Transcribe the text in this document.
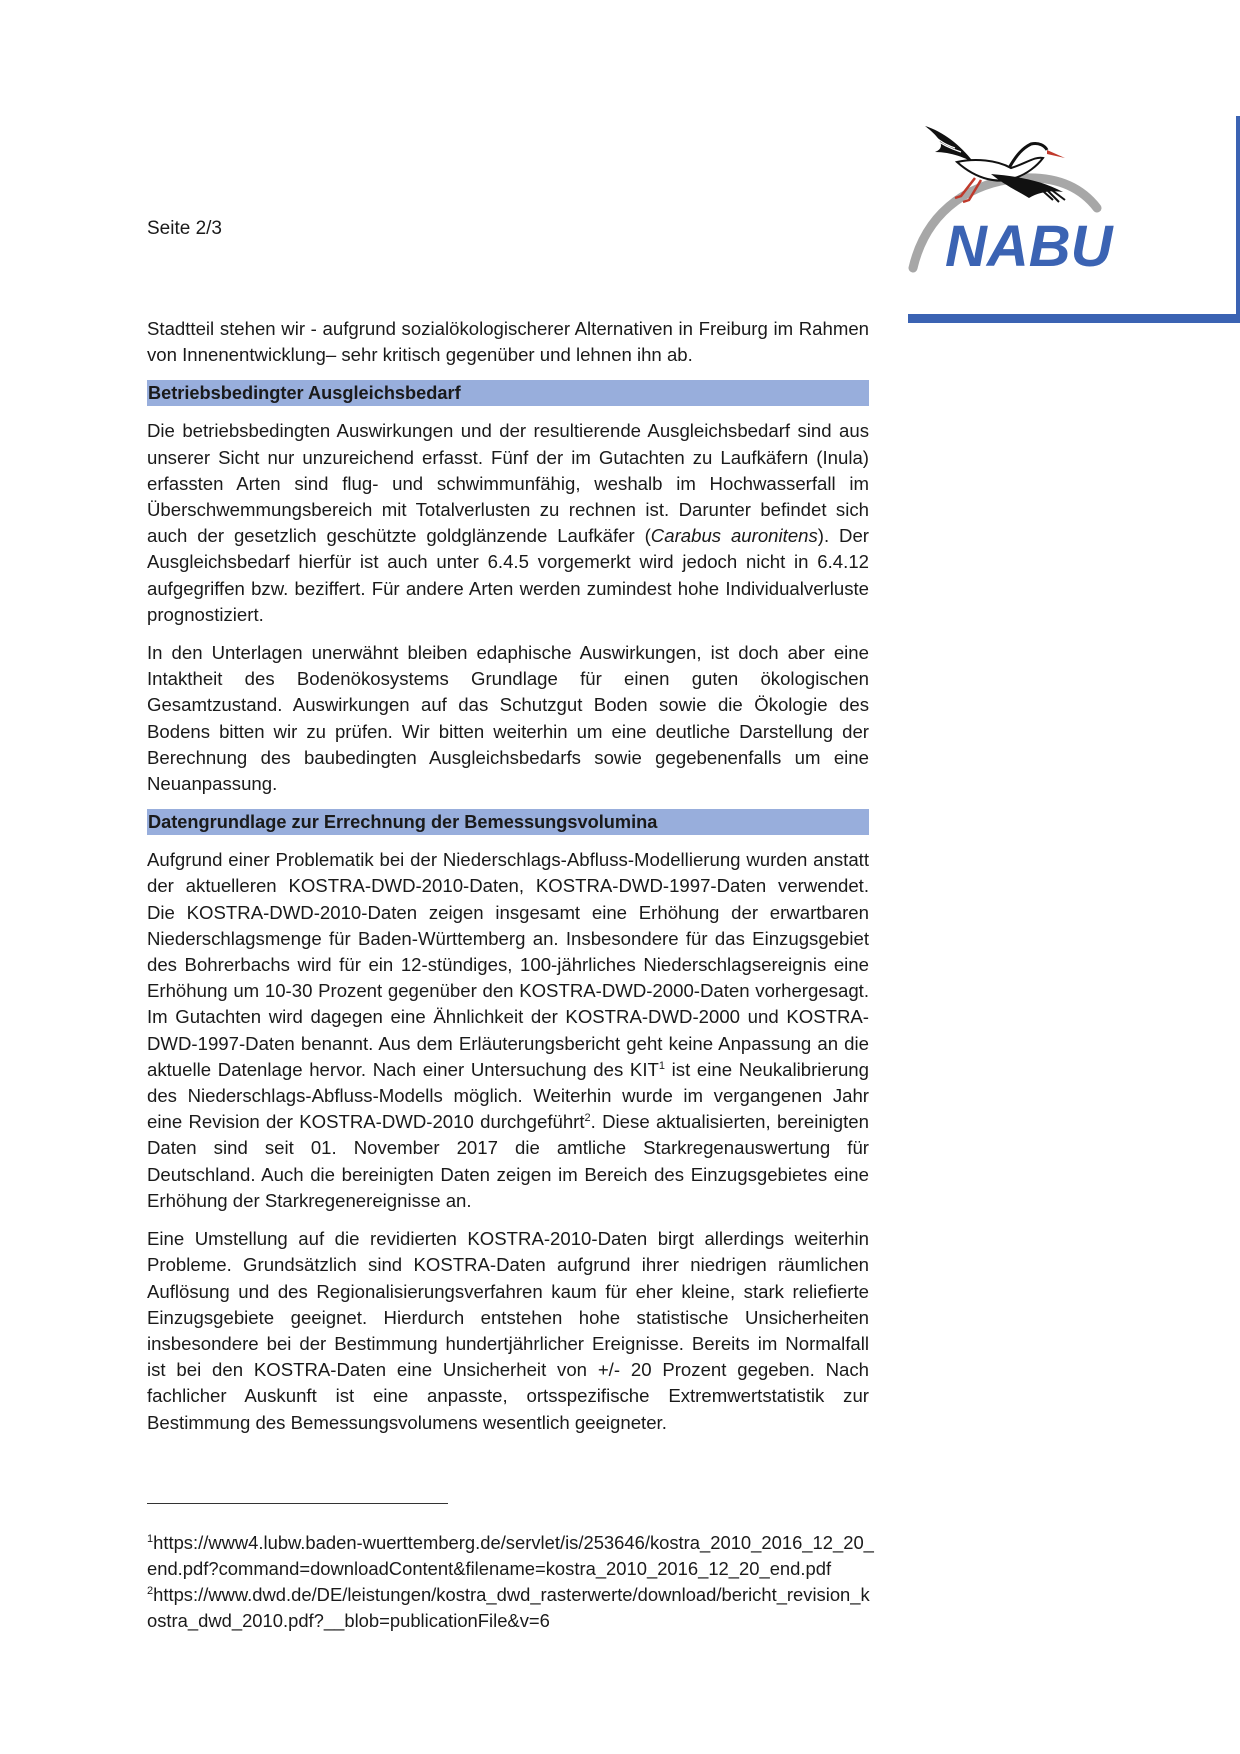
Seite 2/3	NABU

Stadtteil stehen wir - aufgrund sozialökologischerer Alternativen in Freiburg im Rahmen von Innenentwicklung– sehr kritisch gegenüber und lehnen ihn ab.

Betriebsbedingter Ausgleichsbedarf

Die betriebsbedingten Auswirkungen und der resultierende Ausgleichsbedarf sind aus unserer Sicht nur unzureichend erfasst. Fünf der im Gutachten zu Laufkäfern (Inula) erfassten Arten sind flug- und schwimmunfähig, weshalb im Hochwasserfall im Überschwemmungsbereich mit Totalverlusten zu rechnen ist. Darunter befindet sich auch der gesetzlich geschützte goldglänzende Laufkäfer (Carabus auronitens). Der Ausgleichsbedarf hierfür ist auch unter 6.4.5 vorgemerkt wird jedoch nicht in 6.4.12 aufgegriffen bzw. beziffert. Für andere Arten werden zumindest hohe Individualverluste prognostiziert.

In den Unterlagen unerwähnt bleiben edaphische Auswirkungen, ist doch aber eine Intaktheit des Bodenökosystems Grundlage für einen guten ökologischen Gesamtzustand. Auswirkungen auf das Schutzgut Boden sowie die Ökologie des Bodens bitten wir zu prüfen. Wir bitten weiterhin um eine deutliche Darstellung der Berechnung des baubedingten Ausgleichsbedarfs sowie gegebenenfalls um eine Neuanpassung.

Datengrundlage zur Errechnung der Bemessungsvolumina

Aufgrund einer Problematik bei der Niederschlags-Abfluss-Modellierung wurden anstatt der aktuelleren KOSTRA-DWD-2010-Daten, KOSTRA-DWD-1997-Daten verwendet. Die KOSTRA-DWD-2010-Daten zeigen insgesamt eine Erhöhung der erwartbaren Niederschlagsmenge für Baden-Württemberg an. Insbesondere für das Einzugsgebiet des Bohrerbachs wird für ein 12-stündiges, 100-jährliches Niederschlagsereignis eine Erhöhung um 10-30 Prozent gegenüber den KOSTRA-DWD-2000-Daten vorhergesagt. Im Gutachten wird dagegen eine Ähnlichkeit der KOSTRA-DWD-2000 und KOSTRA-DWD-1997-Daten benannt. Aus dem Erläuterungsbericht geht keine Anpassung an die aktuelle Datenlage hervor. Nach einer Untersuchung des KIT$^1$ ist eine Neukalibrierung des Niederschlags-Abfluss-Modells möglich. Weiterhin wurde im vergangenen Jahr eine Revision der KOSTRA-DWD-2010 durchgeführt$^2$. Diese aktualisierten, bereinigten Daten sind seit 01. November 2017 die amtliche Starkregenauswertung für Deutschland. Auch die bereinigten Daten zeigen im Bereich des Einzugsgebietes eine Erhöhung der Starkregenereignisse an.

Eine Umstellung auf die revidierten KOSTRA-2010-Daten birgt allerdings weiterhin Probleme. Grundsätzlich sind KOSTRA-Daten aufgrund ihrer niedrigen räumlichen Auflösung und des Regionalisierungsverfahren kaum für eher kleine, stark reliefierte Einzugsgebiete geeignet. Hierdurch entstehen hohe statistische Unsicherheiten insbesondere bei der Bestimmung hundertjährlicher Ereignisse. Bereits im Normalfall ist bei den KOSTRA-Daten eine Unsicherheit von +/- 20 Prozent gegeben. Nach fachlicher Auskunft ist eine anpasste, ortsspezifische Extremwertstatistik zur Bestimmung des Bemessungsvolumens wesentlich geeigneter.

$^1$https://www4.lubw.baden-wuerttemberg.de/servlet/is/253646/kostra_2010_2016_12_20_end.pdf?command=downloadContent&filename=kostra_2010_2016_12_20_end.pdf

$^2$https://www.dwd.de/DE/leistungen/kostra_dwd_rasterwerte/download/bericht_revision_kostra_dwd_2010.pdf?__blob=publicationFile&v=6
